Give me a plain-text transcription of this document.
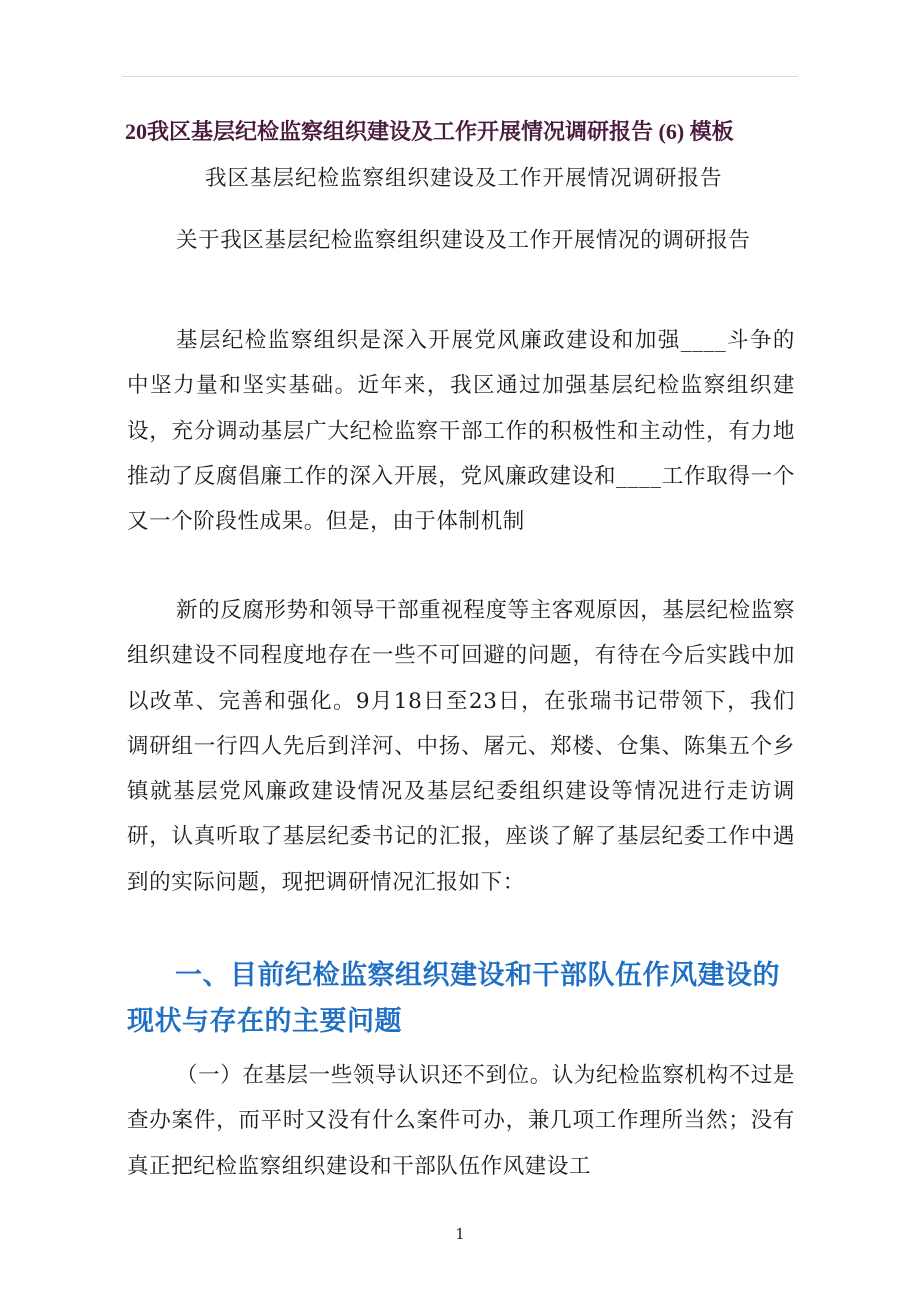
20我区基层纪检监察组织建设及工作开展情况调研报告 (6) 模板

我区基层纪检监察组织建设及工作开展情况调研报告

关于我区基层纪检监察组织建设及工作开展情况的调研报告

基层纪检监察组织是深入开展党风廉政建设和加强____斗争的中坚力量和坚实基础。近年来，我区通过加强基层纪检监察组织建设，充分调动基层广大纪检监察干部工作的积极性和主动性，有力地推动了反腐倡廉工作的深入开展，党风廉政建设和____工作取得一个又一个阶段性成果。但是，由于体制机制

新的反腐形势和领导干部重视程度等主客观原因，基层纪检监察组织建设不同程度地存在一些不可回避的问题，有待在今后实践中加以改革、完善和强化。9月18日至23日，在张瑞书记带领下，我们调研组一行四人先后到洋河、中扬、屠元、郑楼、仓集、陈集五个乡镇就基层党风廉政建设情况及基层纪委组织建设等情况进行走访调研，认真听取了基层纪委书记的汇报，座谈了解了基层纪委工作中遇到的实际问题，现把调研情况汇报如下：

一、目前纪检监察组织建设和干部队伍作风建设的现状与存在的主要问题

（一）在基层一些领导认识还不到位。认为纪检监察机构不过是查办案件，而平时又没有什么案件可办，兼几项工作理所当然；没有真正把纪检监察组织建设和干部队伍作风建设工

1
